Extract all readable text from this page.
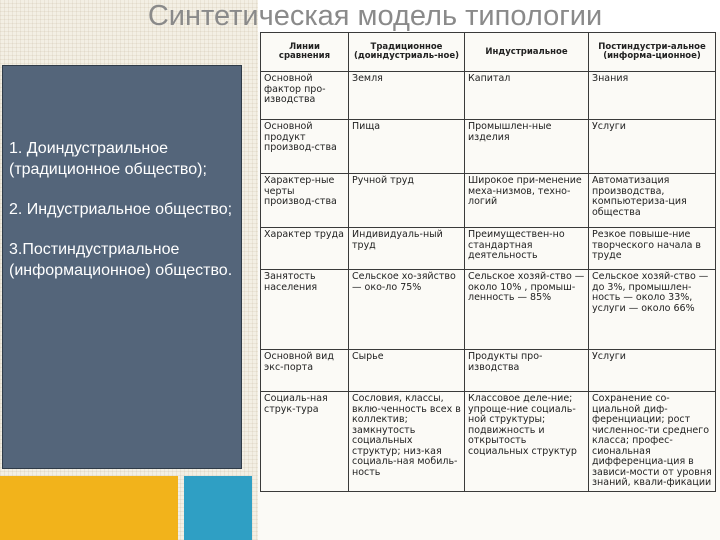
Синтетическая модель типологии

1. Доиндустраильное (традиционное общество);

2. Индустриальное общество;

3.Постиндустриальное (информационное) общество.

Линии сравнения	Традиционное (доиндустриаль-ное)	Индустриальное	Постиндустри-альное (информа-ционное)
Основной фактор про-изводства	Земля	Капитал	Знания
Основной продукт производ-ства	Пища	Промышлен-ные изделия	Услуги
Характер-ные черты производ-ства	Ручной труд	Широкое при-менение меха-низмов, техно-логий	Автоматизация производства, компьютериза-ция общества
Характер труда	Индивидуаль-ный труд	Преимуществен-но стандартная деятельность	Резкое повыше-ние творческого начала в труде
Занятость населения	Сельское хо-зяйство — око-ло 75%	Сельское хозяй-ство — около 10% , промыш-ленность — 85%	Сельское хозяй-ство — до 3%, промышлен-ность — около 33%, услуги — около 66%
Основной вид экс-порта	Сырье	Продукты про-изводства	Услуги
Социаль-ная струк-тура	Сословия, классы, вклю-ченность всех в коллектив; замкнутость социальных структур; низ-кая социаль-ная мобиль-ность	Классовое деле-ние; упроще-ние социаль-ной структуры; подвижность и открытость социальных структур	Сохранение со-циальной диф-ференциации; рост численнос-ти среднего класса; профес-сиональная дифференциа-ция в зависи-мости от уровня знаний, квали-фикации
